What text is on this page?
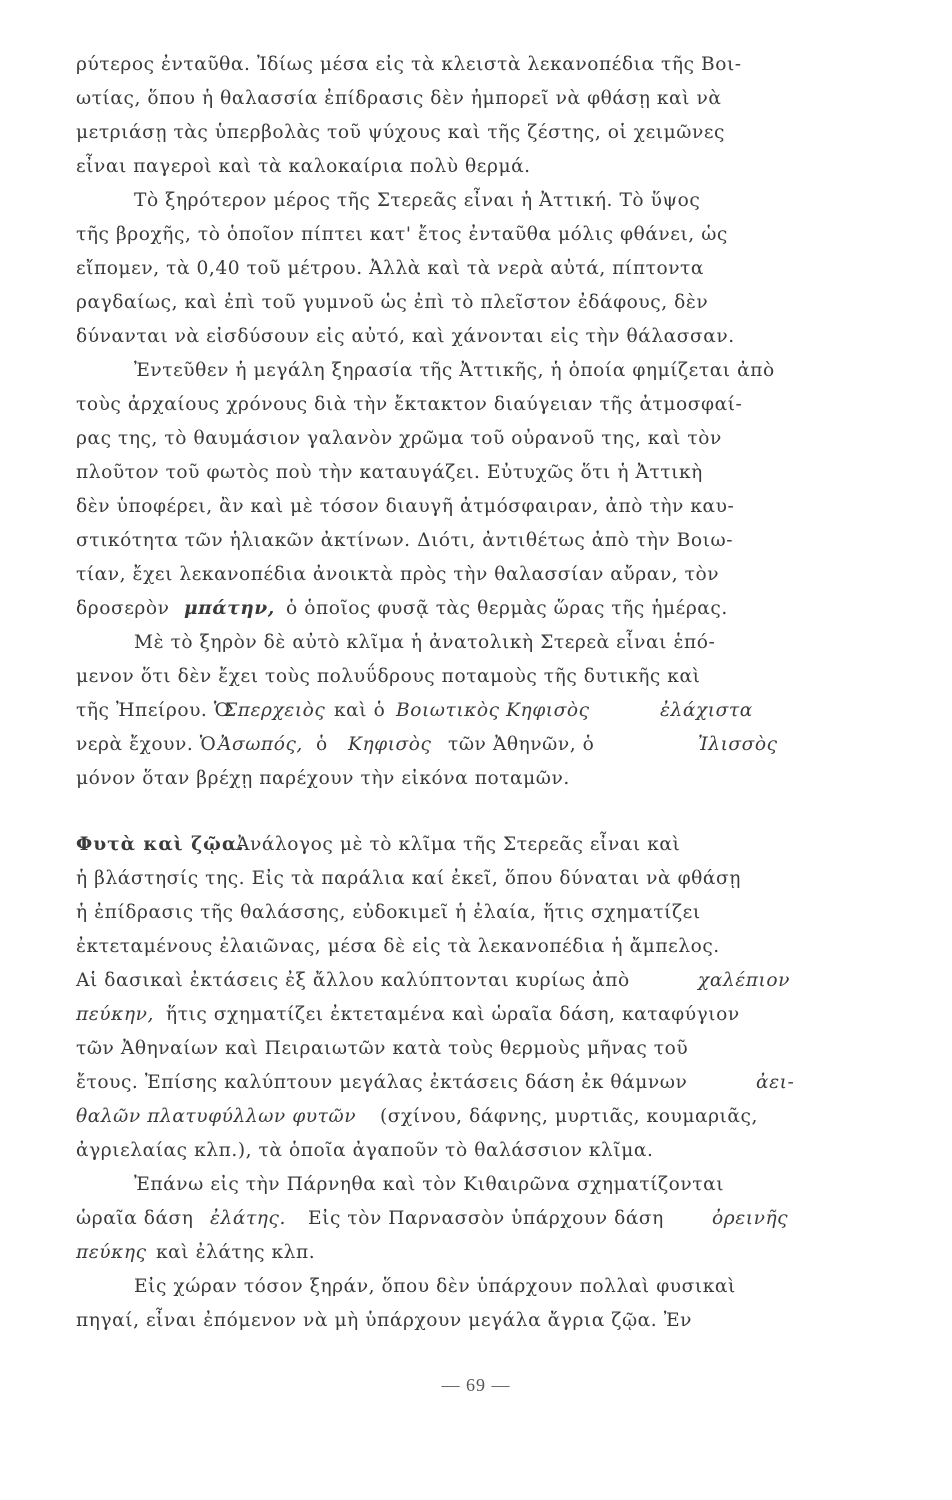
ρύτερος ἐνταῦθα. Ἰδίως μέσα εἰς τὰ κλειστὰ λεκανοπέδια τῆς Βοι-
ωτίας, ὅπου ἡ θαλασσία ἐπίδρασις δὲν ἠμπορεῖ νὰ φθάσῃ καὶ νὰ
μετριάσῃ τὰς ὑπερβολὰς τοῦ ψύχους καὶ τῆς ζέστης, οἱ χειμῶνες
εἶναι παγεροὶ καὶ τὰ καλοκαίρια πολὺ θερμά.
Τὸ ξηρότερον μέρος τῆς Στερεᾶς εἶναι ἡ Ἀττική. Τὸ ὕψος
τῆς βροχῆς, τὸ ὁποῖον πίπτει κατ' ἔτος ἐνταῦθα μόλις φθάνει, ὡς
εἴπομεν, τὰ 0,40 τοῦ μέτρου. Ἀλλὰ καὶ τὰ νερὰ αὐτά, πίπτοντα
ραγδαίως, καὶ ἐπὶ τοῦ γυμνοῦ ὡς ἐπὶ τὸ πλεῖστον ἐδάφους, δὲν
δύνανται νὰ εἰσδύσουν εἰς αὐτό, καὶ χάνονται εἰς τὴν θάλασσαν.
Ἐντεῦθεν ἡ μεγάλη ξηρασία τῆς Ἀττικῆς, ἡ ὁποία φημίζεται ἀπὸ
τοὺς ἀρχαίους χρόνους διὰ τὴν ἔκτακτον διαύγειαν τῆς ἀτμοσφαί-
ρας της, τὸ θαυμάσιον γαλανὸν χρῶμα τοῦ οὐρανοῦ της, καὶ τὸν
πλοῦτον τοῦ φωτὸς ποὺ τὴν καταυγάζει. Εὐτυχῶς ὅτι ἡ Ἀττικὴ
δὲν ὑποφέρει, ἂν καὶ μὲ τόσον διαυγῆ ἀτμόσφαιραν, ἀπὸ τὴν καυ-
στικότητα τῶν ἡλιακῶν ἀκτίνων. Διότι, ἀντιθέτως ἀπὸ τὴν Βοιω-
τίαν, ἔχει λεκανοπέδια ἀνοικτὰ πρὸς τὴν θαλασσίαν αὔραν, τὸν
δροσερὸν μπάτην, ὁ ὁποῖος φυσᾷ τὰς θερμὰς ὥρας τῆς ἡμέρας.
Μὲ τὸ ξηρὸν δὲ αὐτὸ κλῖμα ἡ ἀνατολικὴ Στερεὰ εἶναι ἑπό-
μενον ὅτι δὲν ἔχει τοὺς πολυΰδρους ποταμοὺς τῆς δυτικῆς καὶ
τῆς Ἠπείρου. Ὁ
Σπερχειὸς καὶ ὁ Βοιωτικὸς Κηφισὸς	ἐλάχιστα
νερὰ ἔχουν. Ὁ Ἀσωπός, ὁ Κηφισὸς τῶν Ἀθηνῶν, ὁ	Ἰλισσὸς
μόνον ὅταν βρέχῃ παρέχουν τὴν εἰκόνα ποταμῶν.
Φυτὰ καὶ ζῷα.
Ἀνάλογος μὲ τὸ κλῖμα τῆς Στερεᾶς εἶναι καὶ
ἡ βλάστησίς της. Εἰς τὰ παράλια καί ἐκεῖ, ὅπου δύναται νὰ φθάσῃ
ἡ ἐπίδρασις τῆς θαλάσσης, εὐδοκιμεῖ ἡ ἐλαία, ἥτις σχηματίζει
ἐκτεταμένους ἐλαιῶνας, μέσα δὲ εἰς τὰ λεκανοπέδια ἡ ἄμπελος.
Αἱ δασικαὶ ἐκτάσεις ἐξ ἄλλου καλύπτονται κυρίως ἀπὸ	χαλέπιον
πεύκην, ἥτις σχηματίζει ἐκτεταμένα καὶ ὡραῖα δάση, καταφύγιον
τῶν Ἀθηναίων καὶ Πειραιωτῶν κατὰ τοὺς θερμοὺς μῆνας τοῦ
ἔτους. Ἐπίσης καλύπτουν μεγάλας ἐκτάσεις δάση ἐκ θάμνων	ἀει-
θαλῶν πλατυφύλλων φυτῶν (σχίνου, δάφνης, μυρτιᾶς, κουμαριᾶς,
ἀγριελαίας κλπ.), τὰ ὁποῖα ἀγαποῦν τὸ θαλάσσιον κλῖμα.
Ἐπάνω εἰς τὴν Πάρνηθα καὶ τὸν Κιθαιρῶνα σχηματίζονται
ὡραῖα δάση ἐλάτης. Εἰς τὸν Παρνασσὸν ὑπάρχουν δάση	ὀρεινῆς
πεύκης καὶ ἐλάτης κλπ.
Εἰς χώραν τόσον ξηράν, ὅπου δὲν ὑπάρχουν πολλαὶ φυσικαὶ
πηγαί, εἶναι ἐπόμενον νὰ μὴ ὑπάρχουν μεγάλα ἄγρια ζῷα. Ἐν
— 69 —
